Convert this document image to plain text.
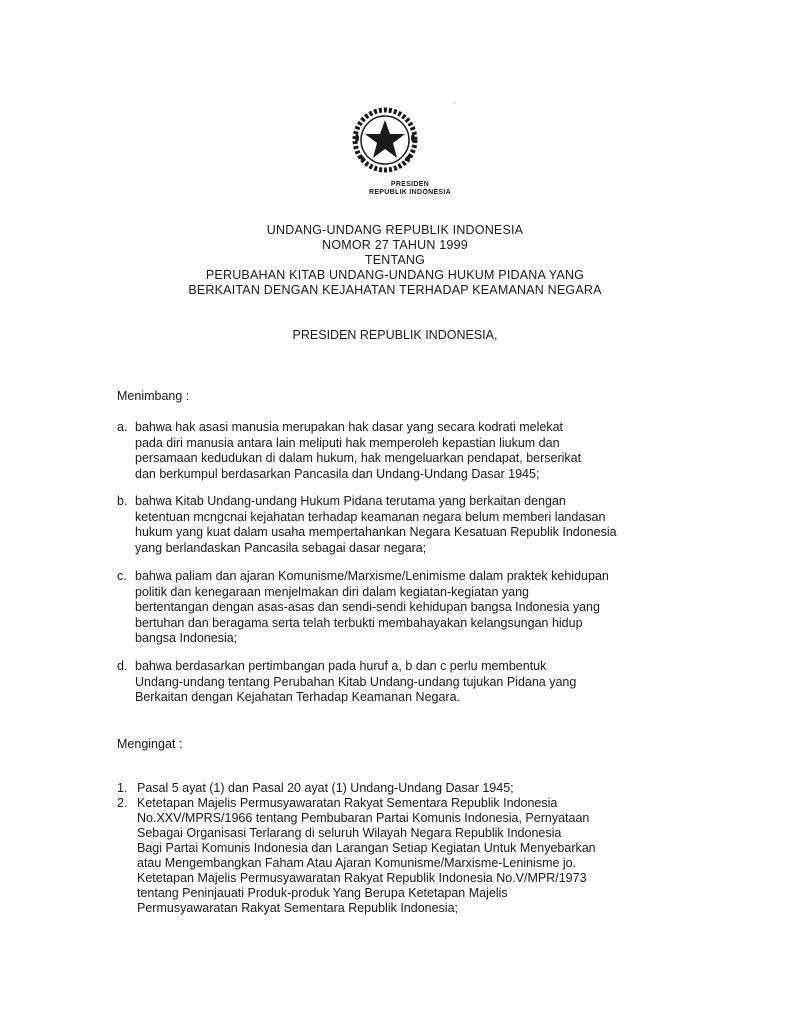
PRESIDEN
REPUBLIK INDONESIA
UNDANG-UNDANG REPUBLIK INDONESIA
NOMOR 27 TAHUN 1999
TENTANG
PERUBAHAN KITAB UNDANG-UNDANG HUKUM PIDANA YANG
BERKAITAN DENGAN KEJAHATAN TERHADAP KEAMANAN NEGARA
PRESIDEN REPUBLIK INDONESIA,
Menimbang :
a. bahwa hak asasi manusia merupakan hak dasar yang secara kodrati melekat
pada diri manusia antara lain meliputi hak memperoleh kepastian liukum dan
persamaan kedudukan di dalam hukum, hak mengeluarkan pendapat, berserikat
dan berkumpul berdasarkan Pancasila dan Undang-Undang Dasar 1945;
b. bahwa Kitab Undang-undang Hukum Pidana terutama yang berkaitan dengan
ketentuan mcngcnai kejahatan terhadap keamanan negara belum memberi landasan
hukum yang kuat dalam usaha mempertahankan Negara Kesatuan Republik Indonesia
yang berlandaskan Pancasila sebagai dasar negara;
c. bahwa paliam dan ajaran Komunisme/Marxisme/Lenimisme dalam praktek kehidupan
politik dan kenegaraan menjelmakan diri dalam kegiatan-kegiatan yang
bertentangan dengan asas-asas dan sendi-sendi kehidupan bangsa Indonesia yang
bertuhan dan beragama serta telah terbukti membahayakan kelangsungan hidup
bangsa Indonesia;
d. bahwa berdasarkan pertimbangan pada huruf a, b dan c perlu membentuk
Undang-undang tentang Perubahan Kitab Undang-undang tujukan Pidana yang
Berkaitan dengan Kejahatan Terhadap Keamanan Negara.
Mengingat :
1. Pasal 5 ayat (1) dan Pasal 20 ayat (1) Undang-Undang Dasar 1945;
2. Ketetapan Majelis Permusyawaratan Rakyat Sementara Republik Indonesia
No.XXV/MPRS/1966 tentang Pembubaran Partai Komunis Indonesia, Pernyataan
Sebagai Organisasi Terlarang di seluruh Wilayah Negara Republik Indonesia
Bagi Partai Komunis Indonesia dan Larangan Setiap Kegiatan Untuk Menyebarkan
atau Mengembangkan Faham Atau Ajaran Komunisme/Marxisme-Leninisme jo.
Ketetapan Majelis Permusyawaratan Rakyat Republik Indonesia No.V/MPR/1973
tentang Peninjauati Produk-produk Yang Berupa Ketetapan Majelis
Permusyawaratan Rakyat Sementara Republik Indonesia;
